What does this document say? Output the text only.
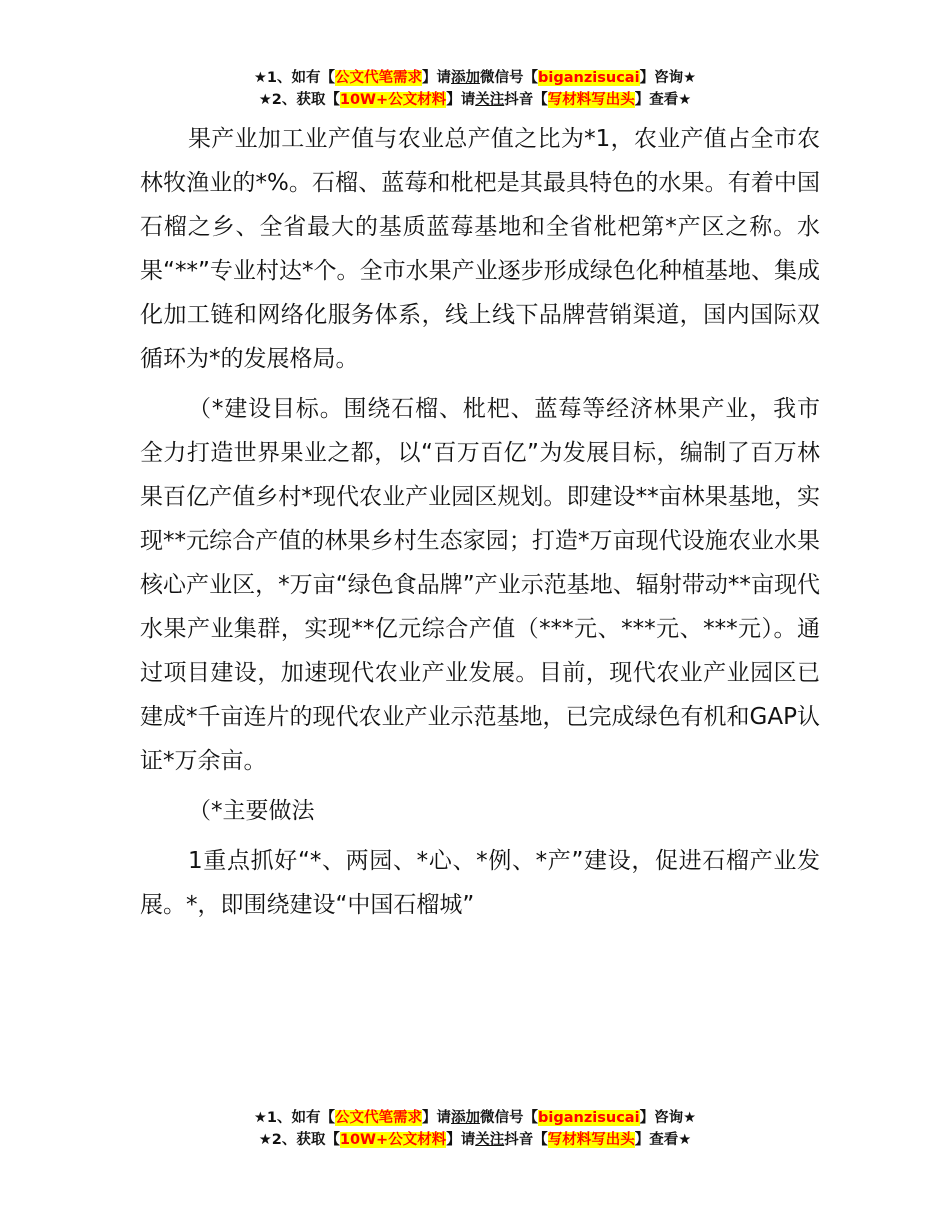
★1、如有【公文代笔需求】请添加微信号【biganzisucai】咨询★
★2、获取【10W+公文材料】请关注抖音【写材料写出头】查看★

果产业加工业产值与农业总产值之比为*1，农业产值占全市农林牧渔业的*%。石榴、蓝莓和枇杷是其最具特色的水果。有着中国石榴之乡、全省最大的基质蓝莓基地和全省枇杷第*产区之称。水果“**”专业村达*个。全市水果产业逐步形成绿色化种植基地、集成化加工链和网络化服务体系，线上线下品牌营销渠道，国内国际双循环为*的发展格局。

（*建设目标。围绕石榴、枇杷、蓝莓等经济林果产业，我市全力打造世界果业之都，以“百万百亿”为发展目标，编制了百万林果百亿产值乡村*现代农业产业园区规划。即建设**亩林果基地，实现**元综合产值的林果乡村生态家园；打造*万亩现代设施农业水果核心产业区，*万亩“绿色食品牌”产业示范基地、辐射带动**亩现代水果产业集群，实现**亿元综合产值（***元、***元、***元）。通过项目建设，加速现代农业产业发展。目前，现代农业产业园区已建成*千亩连片的现代农业产业示范基地，已完成绿色有机和GAP认证*万余亩。

（*主要做法

1重点抓好“*、两园、*心、*例、*产”建设，促进石榴产业发展。*，即围绕建设“中国石榴城”

★1、如有【公文代笔需求】请添加微信号【biganzisucai】咨询★
★2、获取【10W+公文材料】请关注抖音【写材料写出头】查看★
